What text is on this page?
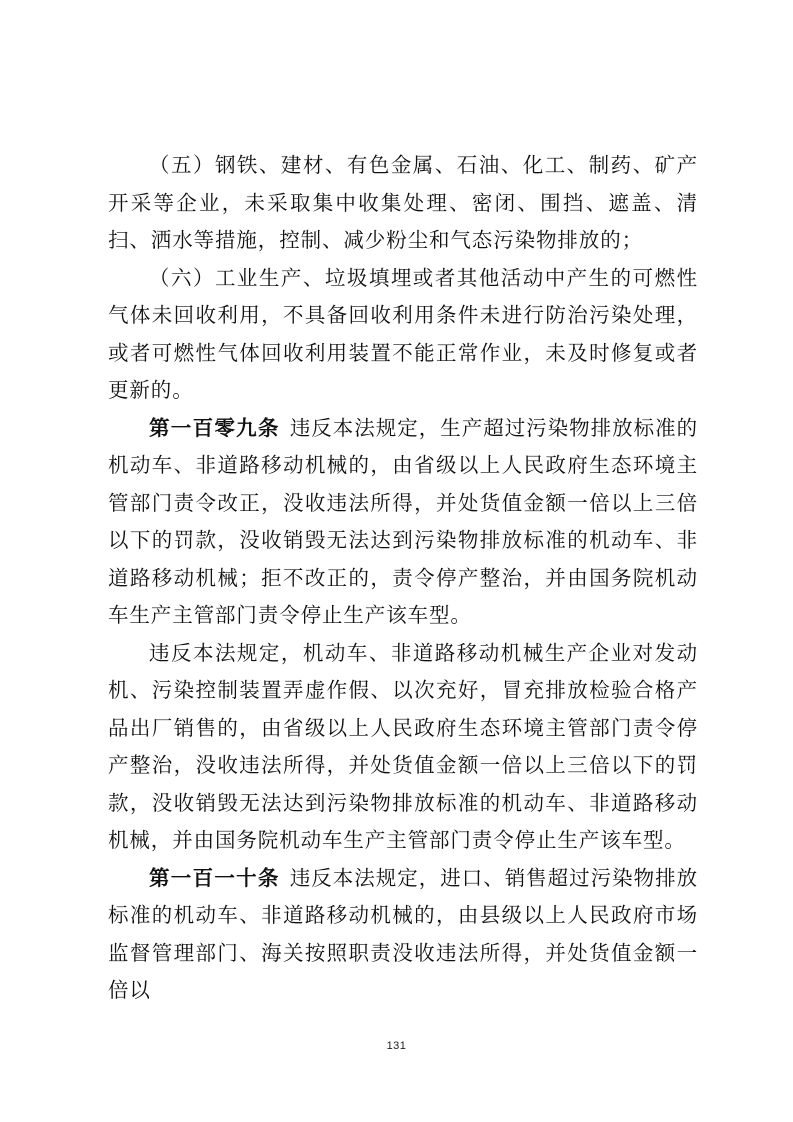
（五）钢铁、建材、有色金属、石油、化工、制药、矿产开采等企业，未采取集中收集处理、密闭、围挡、遮盖、清扫、洒水等措施，控制、减少粉尘和气态污染物排放的；

（六）工业生产、垃圾填埋或者其他活动中产生的可燃性气体未回收利用，不具备回收利用条件未进行防治污染处理，或者可燃性气体回收利用装置不能正常作业，未及时修复或者更新的。

第一百零九条 违反本法规定，生产超过污染物排放标准的机动车、非道路移动机械的，由省级以上人民政府生态环境主管部门责令改正，没收违法所得，并处货值金额一倍以上三倍以下的罚款，没收销毁无法达到污染物排放标准的机动车、非道路移动机械；拒不改正的，责令停产整治，并由国务院机动车生产主管部门责令停止生产该车型。

违反本法规定，机动车、非道路移动机械生产企业对发动机、污染控制装置弄虚作假、以次充好，冒充排放检验合格产品出厂销售的，由省级以上人民政府生态环境主管部门责令停产整治，没收违法所得，并处货值金额一倍以上三倍以下的罚款，没收销毁无法达到污染物排放标准的机动车、非道路移动机械，并由国务院机动车生产主管部门责令停止生产该车型。

第一百一十条 违反本法规定，进口、销售超过污染物排放标准的机动车、非道路移动机械的，由县级以上人民政府市场监督管理部门、海关按照职责没收违法所得，并处货值金额一倍以

131
